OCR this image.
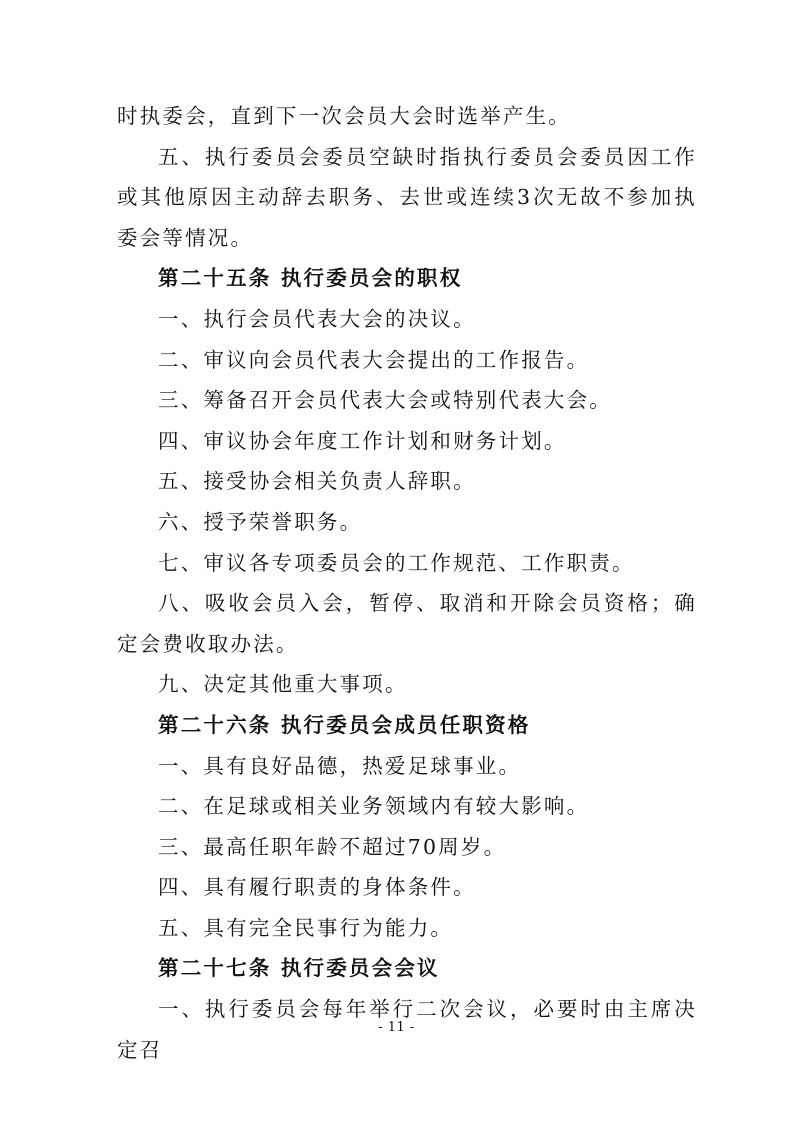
时执委会，直到下一次会员大会时选举产生。

五、执行委员会委员空缺时指执行委员会委员因工作或其他原因主动辞去职务、去世或连续3次无故不参加执委会等情况。

第二十五条 执行委员会的职权

一、执行会员代表大会的决议。

二、审议向会员代表大会提出的工作报告。

三、筹备召开会员代表大会或特别代表大会。

四、审议协会年度工作计划和财务计划。

五、接受协会相关负责人辞职。

六、授予荣誉职务。

七、审议各专项委员会的工作规范、工作职责。

八、吸收会员入会，暂停、取消和开除会员资格；确定会费收取办法。

九、决定其他重大事项。

第二十六条 执行委员会成员任职资格

一、具有良好品德，热爱足球事业。

二、在足球或相关业务领域内有较大影响。

三、最高任职年龄不超过70周岁。

四、具有履行职责的身体条件。

五、具有完全民事行为能力。

第二十七条 执行委员会会议

一、执行委员会每年举行二次会议，必要时由主席决定召

- 11 -
